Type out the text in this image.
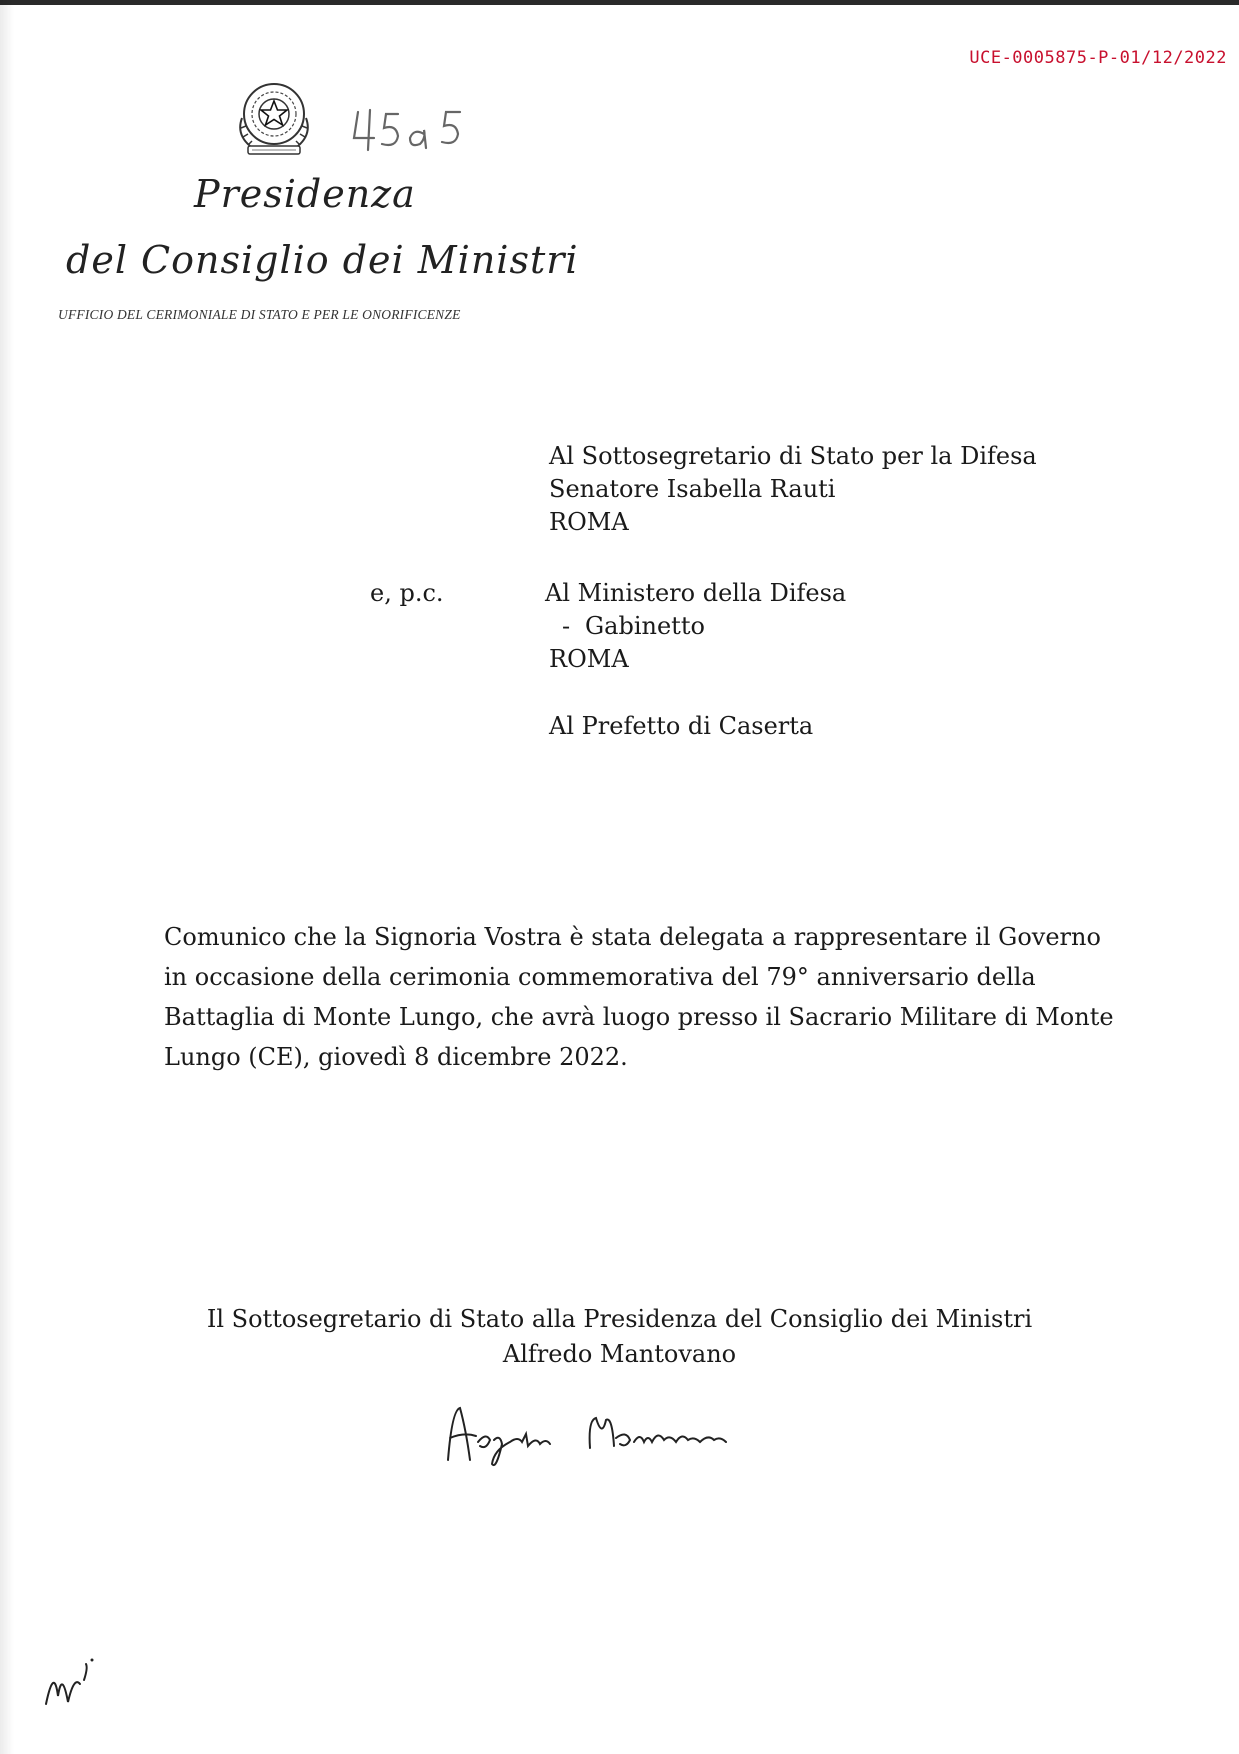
UCE-0005875-P-01/12/2022
Presidenza
del Consiglio dei Ministri
UFFICIO DEL CERIMONIALE DI STATO E PER LE ONORIFICENZE
Al Sottosegretario di Stato per la Difesa
Senatore Isabella Rauti
ROMA
e, p.c.	Al Ministero della Difesa
- Gabinetto
ROMA
Al Prefetto di Caserta

Comunico che la Signoria Vostra è stata delegata a rappresentare il Governo in occasione della cerimonia commemorativa del 79° anniversario della Battaglia di Monte Lungo, che avrà luogo presso il Sacrario Militare di Monte Lungo (CE), giovedì 8 dicembre 2022.

Il Sottosegretario di Stato alla Presidenza del Consiglio dei Ministri
Alfredo Mantovano
